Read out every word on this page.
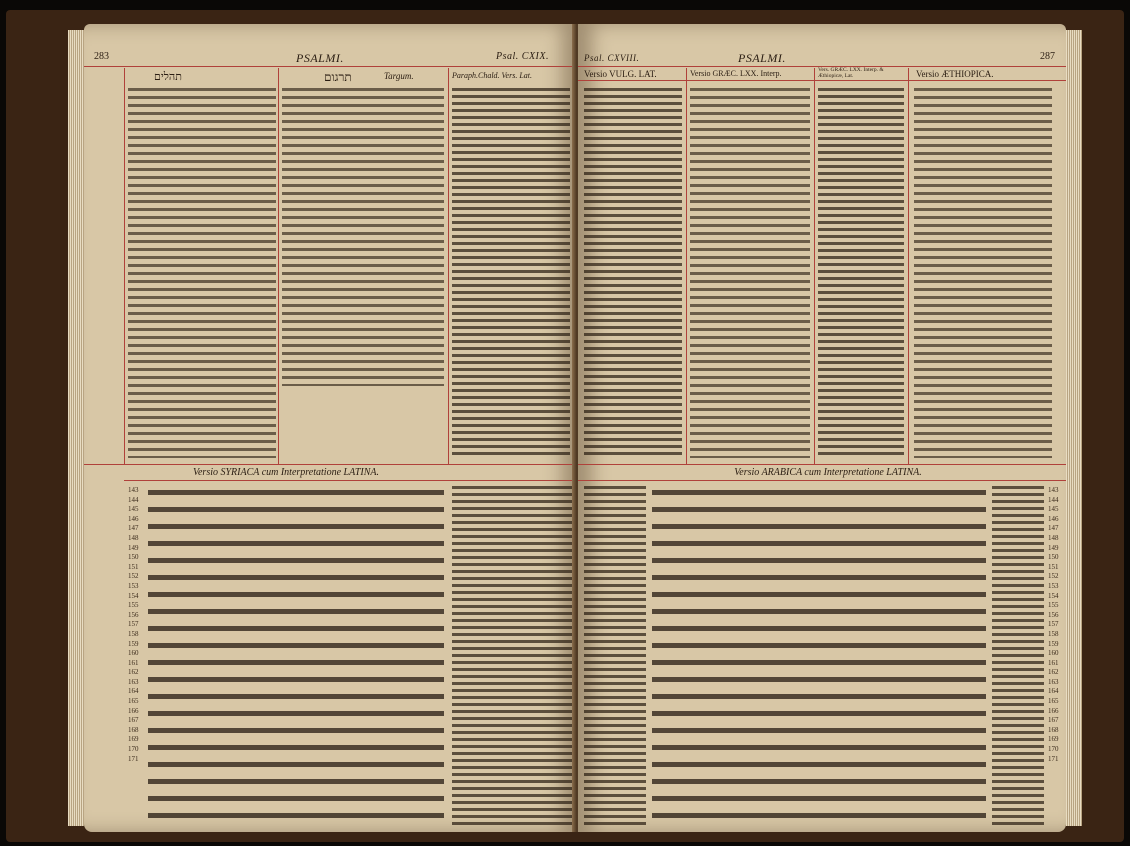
283	PSALMI.	Psal. CXIX.
תהלים	תרגום	Targum.	Paraph.Chald. Vers. Lat.
Versio SYRIACA cum Interpretatione LATINA.
143
144
145
146
147
148
149
150
151
152
153
154
155
156
157
158
159
160
161
162
163
164
165
166
167
168
169
170
171
Psal. CXVIII.	PSALMI.	287
Versio VULG. LAT.	Versio GRÆC. LXX. Interp.	Vers. GRÆC. LXX. Interp. & Æthiopicæ, Lat.	Versio ÆTHIOPICA.
Versio ARABICA cum Interpretatione LATINA.
143
144
145
146
147
148
149
150
151
152
153
154
155
156
157
158
159
160
161
162
163
164
165
166
167
168
169
170
171
